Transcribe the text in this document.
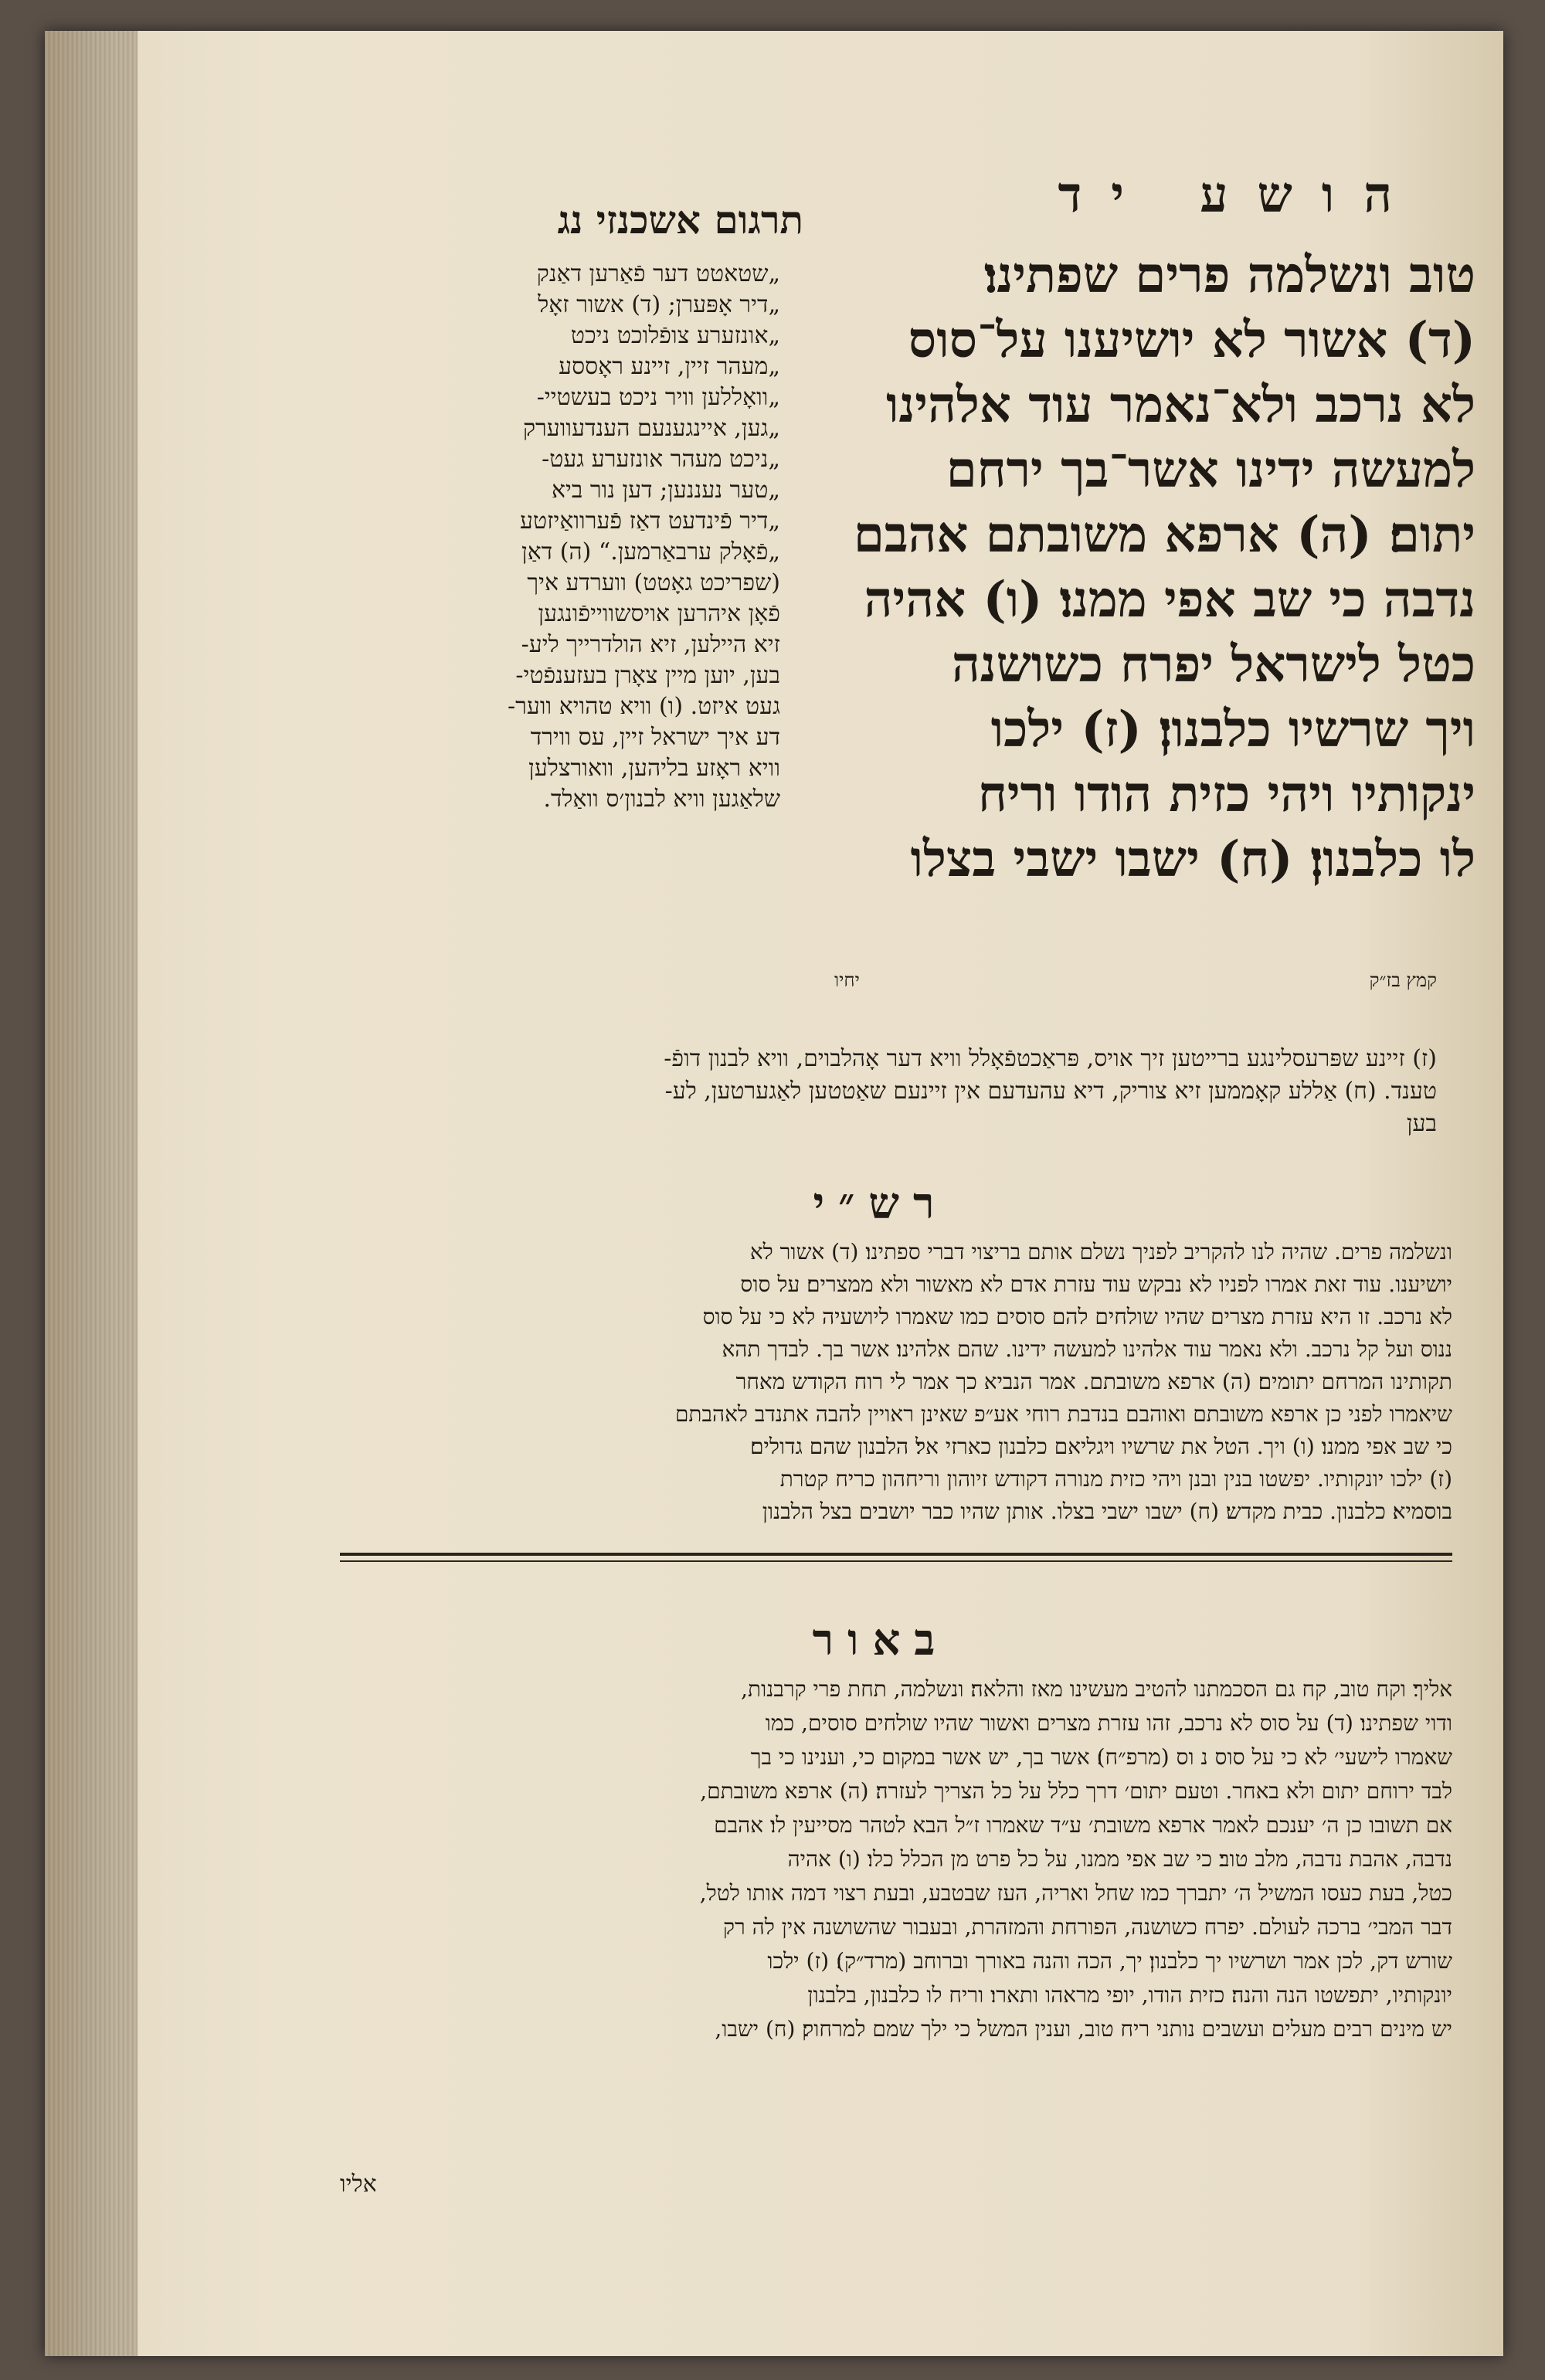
הושע יד
תרגום אשכנזי נג
טוב ונשלמה פרים שפתינו׃
(ד) אשור לא יושיענו על־סוס
לא נרכב ולא־נאמר עוד אלהינו
למעשה ידינו אשר־בך ירחם
יתום׃ (ה) ארפא משובתם אהבם
נדבה כי שב אפי ממנו׃ (ו) אהיה
כטל לישראל יפרח כשושנה
ויך שרשיו כלבנון׃ (ז) ילכו
ינקותיו ויהי כזית הודו וריח
לו כלבנון׃ (ח) ישבו ישבי בצלו
קמץ בז״ק
יחיו
„שטאטט דער פֿאַרען דאַנק
„דיר אָפּערן; (ד) אשור זאָל
„אונזערע צופֿלוכט ניכט
„מעהר זיין, זיינע ראָססע
„וואָללען וויר ניכט בעשטיי-
„גען, איינגענעם הענדעווערק
„ניכט מעהר אונזערע געט-
„טער נעננען; דען נור ביא
„דיר פֿינדעט דאַז פֿערוואַיזטע
„פֿאָלק ערבאַרמען.“ (ה) דאַן
(שפריכט גאָטט) ווערדע איך
פֿאָן איהרען אויסשווייפֿונגען
זיא היילען, זיא הולדרייך ליע-
בען, יוען מיין צאָרן בעזענפֿטי-
געט איזט. (ו) וויא טהויא ווער-
דע איך ישראל זיין, עס ווירד
וויא ראָזע בליהען, וואורצלען
שלאַגען וויא לבנון׳ס וואַלד.
(ז) זיינע שפּרעסלינגע ברייטען זיך אויס, פּראַכטפֿאָלל וויא דער אָהלבוים, וויא לבנון דופֿ-
טענד. (ח) אַללע קאָממען זיא צוריק, דיא עהעדעם אין זיינעם שאַטטען לאַגערטען, לע-
בען
רש״י
ונשלמה פרים. שהיה לנו להקריב לפניך נשלם אותם בריצוי דברי ספתינו׃ (ד) אשור לא
יושיענו. עוד זאת אמרו לפניו לא נבקש עוד עזרת אדם לא מאשור ולא ממצרים׃ על סוס
לא נרכב. זו היא עזרת מצרים שהיו שולחים להם סוסים כמו שאמרו ליושעיה לא כי על סוס
ננוס ועל קל נרכב. ולא נאמר עוד אלהינו למעשה ידינו. שהם אלהינו׃ אשר בך. לבדך תהא
תקותינו המרחם יתומים׃ (ה) ארפא משובתם. אמר הנביא כך אמר לי רוח הקודש מאחר
שיאמרו לפני כן ארפא משובתם ואוהבם בנדבת רוחי אע״פ שאינן ראויין להבה אתנדב לאהבתם
כי שב אפי ממנו׃ (ו) ויך. הטל את שרשיו ויגליאם כלבנון כארזי אל׃ הלבנון שהם גדולים׃
(ז) ילכו יונקותיו. יפשטו בנין ובנן ויהי כזית מנורה דקודש זיוהון וריחהון כריח קטרת
בוסמיא׃ כלבנון. כבית מקדש׃ (ח) ישבו ישבי בצלו. אותן שהיו כבר יושבים בצל הלבנון
באור
אליך׃ וקח טוב, קח גם הסכמתנו להטיב מעשינו מאז והלאה׃ ונשלמה, תחת פרי קרבנות,
ודוי שפתינו׃ (ד) על סוס לא נרכב, זהו עזרת מצרים ואשור שהיו שולחים סוסים, כמו
שאמרו לישעי׳ לא כי על סוס נ וס (מרפ״ח)׃ אשר בך, יש אשר במקום כי, וענינו כי בך
לבד ירוחם יתום ולא באחר. וטעם יתום׳ דרך כלל על כל הצריך לעזרה׃ (ה) ארפא משובתם,
אם תשובו כן ה׳ יענכם לאמר ארפא משובת׳ ע״ד שאמרו ז״ל הבא לטהר מסייעין לו׃ אהבם
נדבה, אהבת נדבה, מלב טוב׃ כי שב אפי ממנו, על כל פרט מן הכלל כלו׃ (ו) אהיה
כטל, בעת כעסו המשיל ה׳ יתברך כמו שחל ואריה, העז שבטבע, ובעת רצוי דמה אותו לטל,
דבר המבי׳ ברכה לעולם. יפרח כשושנה, הפורחת והמזהרת, ובעבור שהשושנה אין לה רק
שורש דק, לכן אמר ושרשיו יך כלבנון׃ יך, הכה והנה באורך וברוחב (מרד״ק)׃ (ז) ילכו
יונקותיו, יתפשטו הנה והנה׃ כזית הודו, יופי מראהו ותארו׃ וריח לו כלבנון, בלבנון
יש מינים רבים מעלים ועשבים נותני ריח טוב, וענין המשל כי ילך שמם למרחוק׃ (ח) ישבו,
אליו
